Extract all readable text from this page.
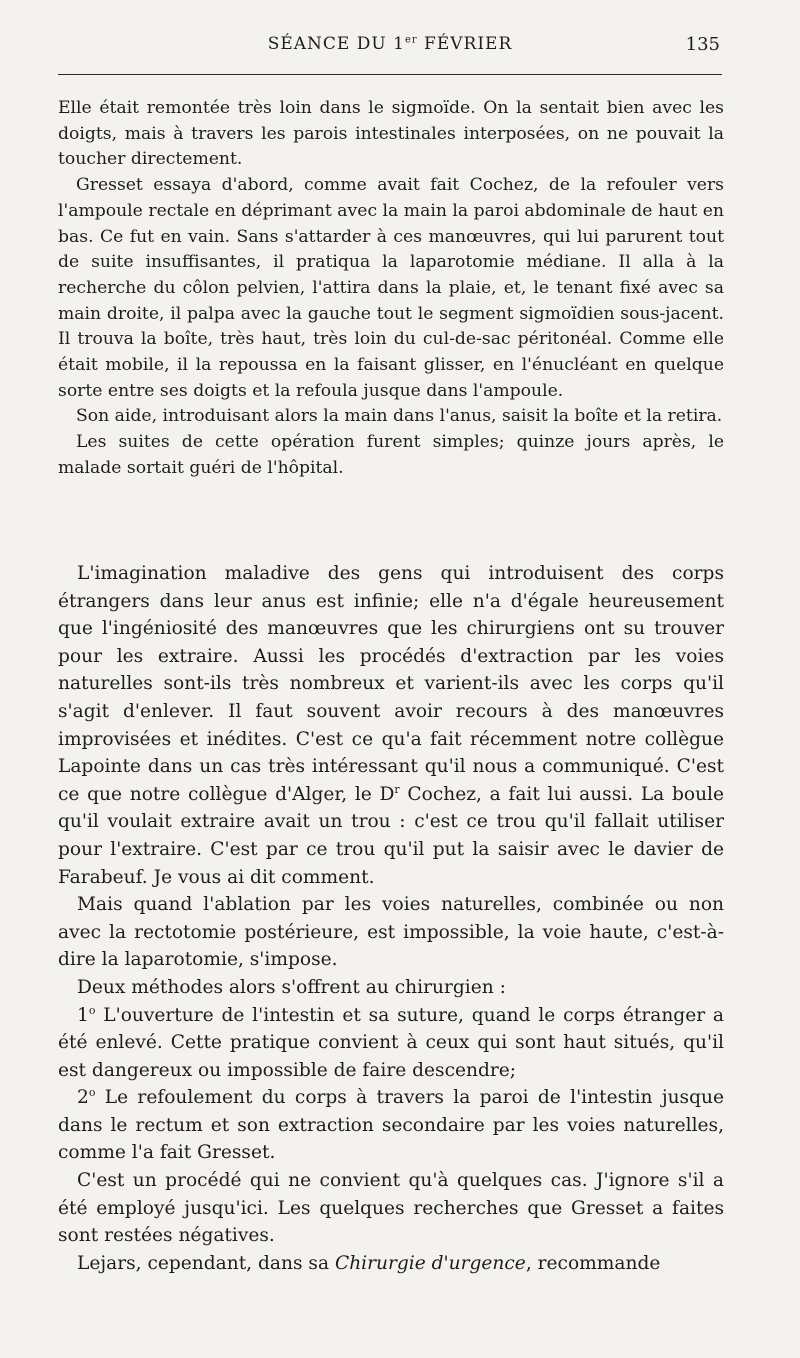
SÉANCE DU 1er FÉVRIER	135

Elle était remontée très loin dans le sigmoïde. On la sentait bien avec les doigts, mais à travers les parois intestinales interposées, on ne pouvait la toucher directement.

Gresset essaya d'abord, comme avait fait Cochez, de la refouler vers l'ampoule rectale en déprimant avec la main la paroi abdominale de haut en bas. Ce fut en vain. Sans s'attarder à ces manœuvres, qui lui parurent tout de suite insuffisantes, il pratiqua la laparotomie médiane. Il alla à la recherche du côlon pelvien, l'attira dans la plaie, et, le tenant fixé avec sa main droite, il palpa avec la gauche tout le segment sigmoïdien sous-jacent. Il trouva la boîte, très haut, très loin du cul-de-sac péritonéal. Comme elle était mobile, il la repoussa en la faisant glisser, en l'énucléant en quelque sorte entre ses doigts et la refoula jusque dans l'ampoule.

Son aide, introduisant alors la main dans l'anus, saisit la boîte et la retira.

Les suites de cette opération furent simples; quinze jours après, le malade sortait guéri de l'hôpital.

L'imagination maladive des gens qui introduisent des corps étrangers dans leur anus est infinie; elle n'a d'égale heureusement que l'ingéniosité des manœuvres que les chirurgiens ont su trouver pour les extraire. Aussi les procédés d'extraction par les voies naturelles sont-ils très nombreux et varient-ils avec les corps qu'il s'agit d'enlever. Il faut souvent avoir recours à des manœuvres improvisées et inédites. C'est ce qu'a fait récemment notre collègue Lapointe dans un cas très intéressant qu'il nous a communiqué. C'est ce que notre collègue d'Alger, le $D^r$ Cochez, a fait lui aussi. La boule qu'il voulait extraire avait un trou : c'est ce trou qu'il fallait utiliser pour l'extraire. C'est par ce trou qu'il put la saisir avec le davier de Farabeuf. Je vous ai dit comment.

Mais quand l'ablation par les voies naturelles, combinée ou non avec la rectotomie postérieure, est impossible, la voie haute, c'est-à-dire la laparotomie, s'impose.

Deux méthodes alors s'offrent au chirurgien :

1$^o$ L'ouverture de l'intestin et sa suture, quand le corps étranger a été enlevé. Cette pratique convient à ceux qui sont haut situés, qu'il est dangereux ou impossible de faire descendre;

2$^o$ Le refoulement du corps à travers la paroi de l'intestin jusque dans le rectum et son extraction secondaire par les voies naturelles, comme l'a fait Gresset.

C'est un procédé qui ne convient qu'à quelques cas. J'ignore s'il a été employé jusqu'ici. Les quelques recherches que Gresset a faites sont restées négatives.

Lejars, cependant, dans sa Chirurgie d'urgence, recommande
